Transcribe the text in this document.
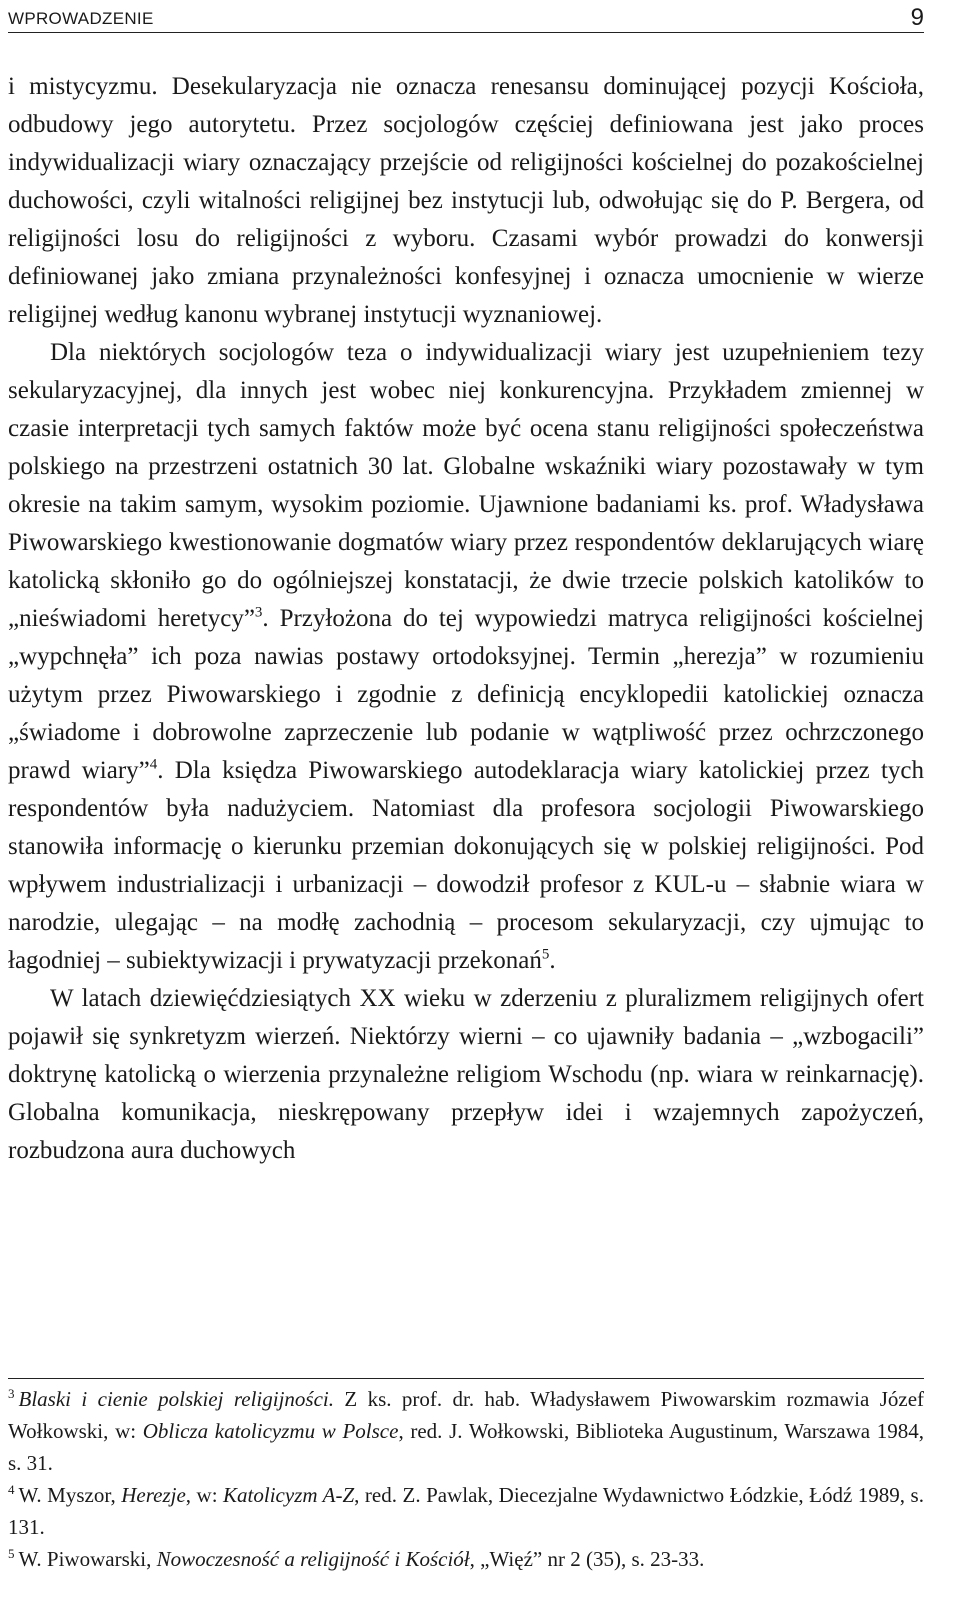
WPROWADZENIE	9

i mistycyzmu. Desekularyzacja nie oznacza renesansu dominującej pozycji Kościoła, odbudowy jego autorytetu. Przez socjologów częściej definiowana jest jako proces indywidualizacji wiary oznaczający przejście od religijności kościelnej do pozakościelnej duchowości, czyli witalności religijnej bez instytucji lub, odwołując się do P. Bergera, od religijności losu do religijności z wyboru. Czasami wybór prowadzi do konwersji definiowanej jako zmiana przynależności konfesyjnej i oznacza umocnienie w wierze religijnej według kanonu wybranej instytucji wyznaniowej.

Dla niektórych socjologów teza o indywidualizacji wiary jest uzupełnieniem tezy sekularyzacyjnej, dla innych jest wobec niej konkurencyjna. Przykładem zmiennej w czasie interpretacji tych samych faktów może być ocena stanu religijności społeczeństwa polskiego na przestrzeni ostatnich 30 lat. Globalne wskaźniki wiary pozostawały w tym okresie na takim samym, wysokim poziomie. Ujawnione badaniami ks. prof. Władysława Piwowarskiego kwestionowanie dogmatów wiary przez respondentów deklarujących wiarę katolicką skłoniło go do ogólniejszej konstatacji, że dwie trzecie polskich katolików to „nieświadomi heretycy”$^3$. Przyłożona do tej wypowiedzi matryca religijności kościelnej „wypchnęła” ich poza nawias postawy ortodoksyjnej. Termin „herezja” w rozumieniu użytym przez Piwowarskiego i zgodnie z definicją encyklopedii katolickiej oznacza „świadome i dobrowolne zaprzeczenie lub podanie w wątpliwość przez ochrzczonego prawd wiary”$^4$. Dla księdza Piwowarskiego autodeklaracja wiary katolickiej przez tych respondentów była nadużyciem. Natomiast dla profesora socjologii Piwowarskiego stanowiła informację o kierunku przemian dokonujących się w polskiej religijności. Pod wpływem industrializacji i urbanizacji – dowodził profesor z KUL-u – słabnie wiara w narodzie, ulegając – na modłę zachodnią – procesom sekularyzacji, czy ujmując to łagodniej – subiektywizacji i prywatyzacji przekonań$^5$.

W latach dziewięćdziesiątych XX wieku w zderzeniu z pluralizmem religijnych ofert pojawił się synkretyzm wierzeń. Niektórzy wierni – co ujawniły badania – „wzbogacili” doktrynę katolicką o wierzenia przynależne religiom Wschodu (np. wiara w reinkarnację). Globalna komunikacja, nieskrępowany przepływ idei i wzajemnych zapożyczeń, rozbudzona aura duchowych

$^3$ Blaski i cienie polskiej religijności. Z ks. prof. dr. hab. Władysławem Piwowarskim rozmawia Józef Wołkowski, w: Oblicza katolicyzmu w Polsce, red. J. Wołkowski, Biblioteka Augustinum, Warszawa 1984, s. 31.

$^4$ W. Myszor, Herezje, w: Katolicyzm A-Z, red. Z. Pawlak, Diecezjalne Wydawnictwo Łódzkie, Łódź 1989, s. 131.

$^5$ W. Piwowarski, Nowoczesność a religijność i Kościół, „Więź” nr 2 (35), s. 23-33.
